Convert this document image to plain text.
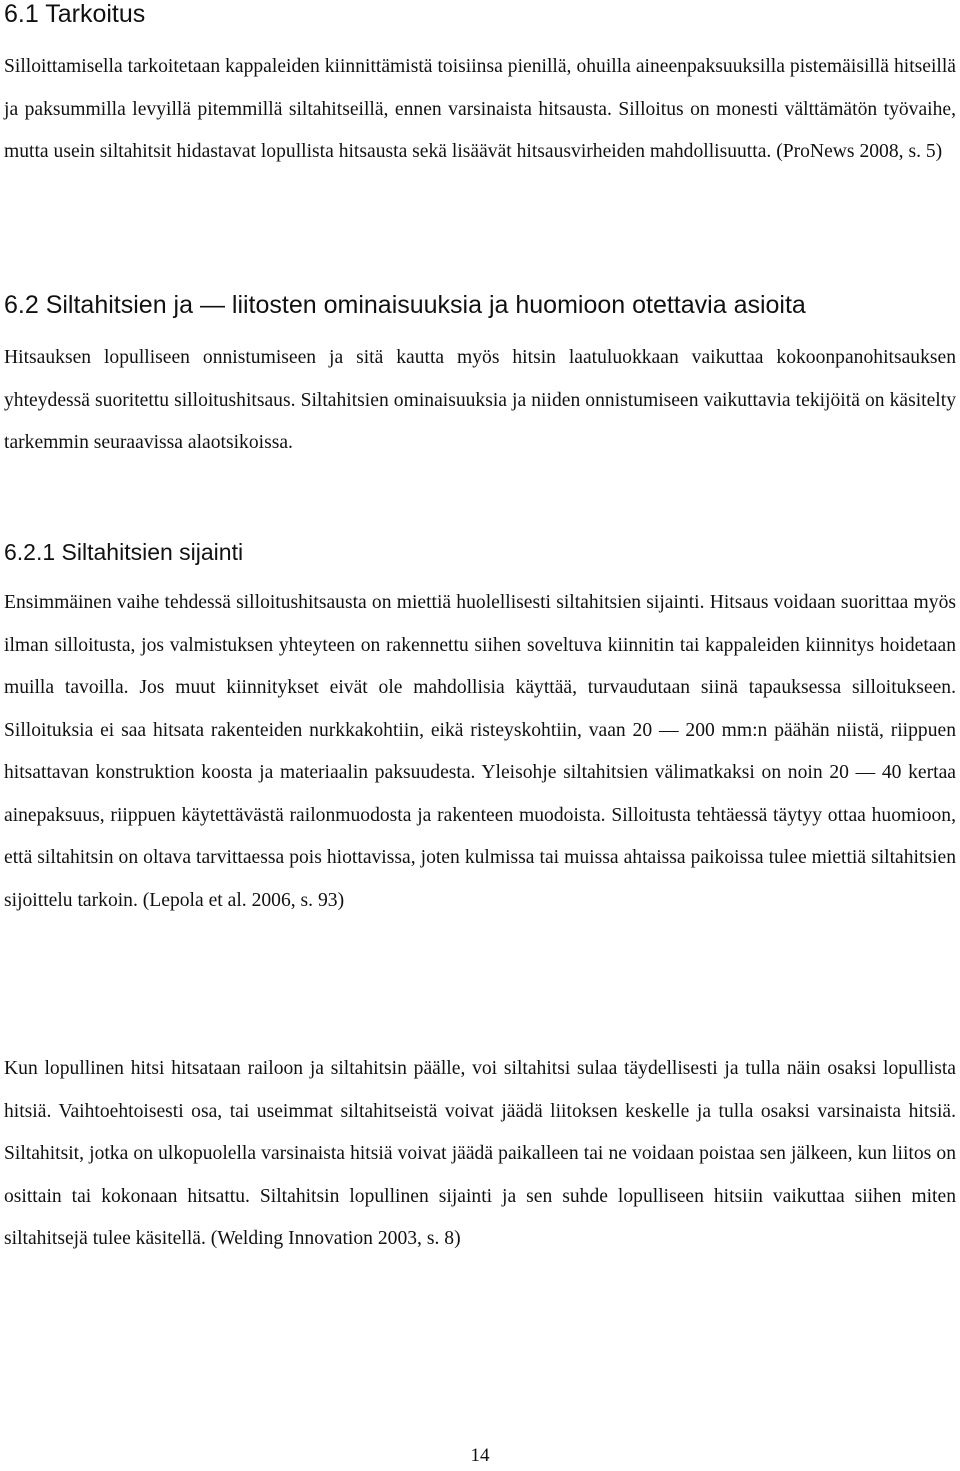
6.1 Tarkoitus

Silloittamisella tarkoitetaan kappaleiden kiinnittämistä toisiinsa pienillä, ohuilla aineenpaksuuksilla pistemäisillä hitseillä ja paksummilla levyillä pitemmillä siltahitseillä, ennen varsinaista hitsausta. Silloitus on monesti välttämätön työvaihe, mutta usein siltahitsit hidastavat lopullista hitsausta sekä lisäävät hitsausvirheiden mahdollisuutta. (ProNews 2008, s. 5)

6.2 Siltahitsien ja — liitosten ominaisuuksia ja huomioon otettavia asioita

Hitsauksen lopulliseen onnistumiseen ja sitä kautta myös hitsin laatuluokkaan vaikuttaa kokoonpanohitsauksen yhteydessä suoritettu silloitushitsaus. Siltahitsien ominaisuuksia ja niiden onnistumiseen vaikuttavia tekijöitä on käsitelty tarkemmin seuraavissa alaotsikoissa.

6.2.1 Siltahitsien sijainti

Ensimmäinen vaihe tehdessä silloitushitsausta on miettiä huolellisesti siltahitsien sijainti. Hitsaus voidaan suorittaa myös ilman silloitusta, jos valmistuksen yhteyteen on rakennettu siihen soveltuva kiinnitin tai kappaleiden kiinnitys hoidetaan muilla tavoilla. Jos muut kiinnitykset eivät ole mahdollisia käyttää, turvaudutaan siinä tapauksessa silloitukseen. Silloituksia ei saa hitsata rakenteiden nurkkakohtiin, eikä risteyskohtiin, vaan 20 — 200 mm:n päähän niistä, riippuen hitsattavan konstruktion koosta ja materiaalin paksuudesta. Yleisohje siltahitsien välimatkaksi on noin 20 — 40 kertaa ainepaksuus, riippuen käytettävästä railonmuodosta ja rakenteen muodoista. Silloitusta tehtäessä täytyy ottaa huomioon, että siltahitsin on oltava tarvittaessa pois hiottavissa, joten kulmissa tai muissa ahtaissa paikoissa tulee miettiä siltahitsien sijoittelu tarkoin. (Lepola et al. 2006, s. 93)

Kun lopullinen hitsi hitsataan railoon ja siltahitsin päälle, voi siltahitsi sulaa täydellisesti ja tulla näin osaksi lopullista hitsiä. Vaihtoehtoisesti osa, tai useimmat siltahitseistä voivat jäädä liitoksen keskelle ja tulla osaksi varsinaista hitsiä. Siltahitsit, jotka on ulkopuolella varsinaista hitsiä voivat jäädä paikalleen tai ne voidaan poistaa sen jälkeen, kun liitos on osittain tai kokonaan hitsattu. Siltahitsin lopullinen sijainti ja sen suhde lopulliseen hitsiin vaikuttaa siihen miten siltahitsejä tulee käsitellä. (Welding Innovation 2003, s. 8)

14
